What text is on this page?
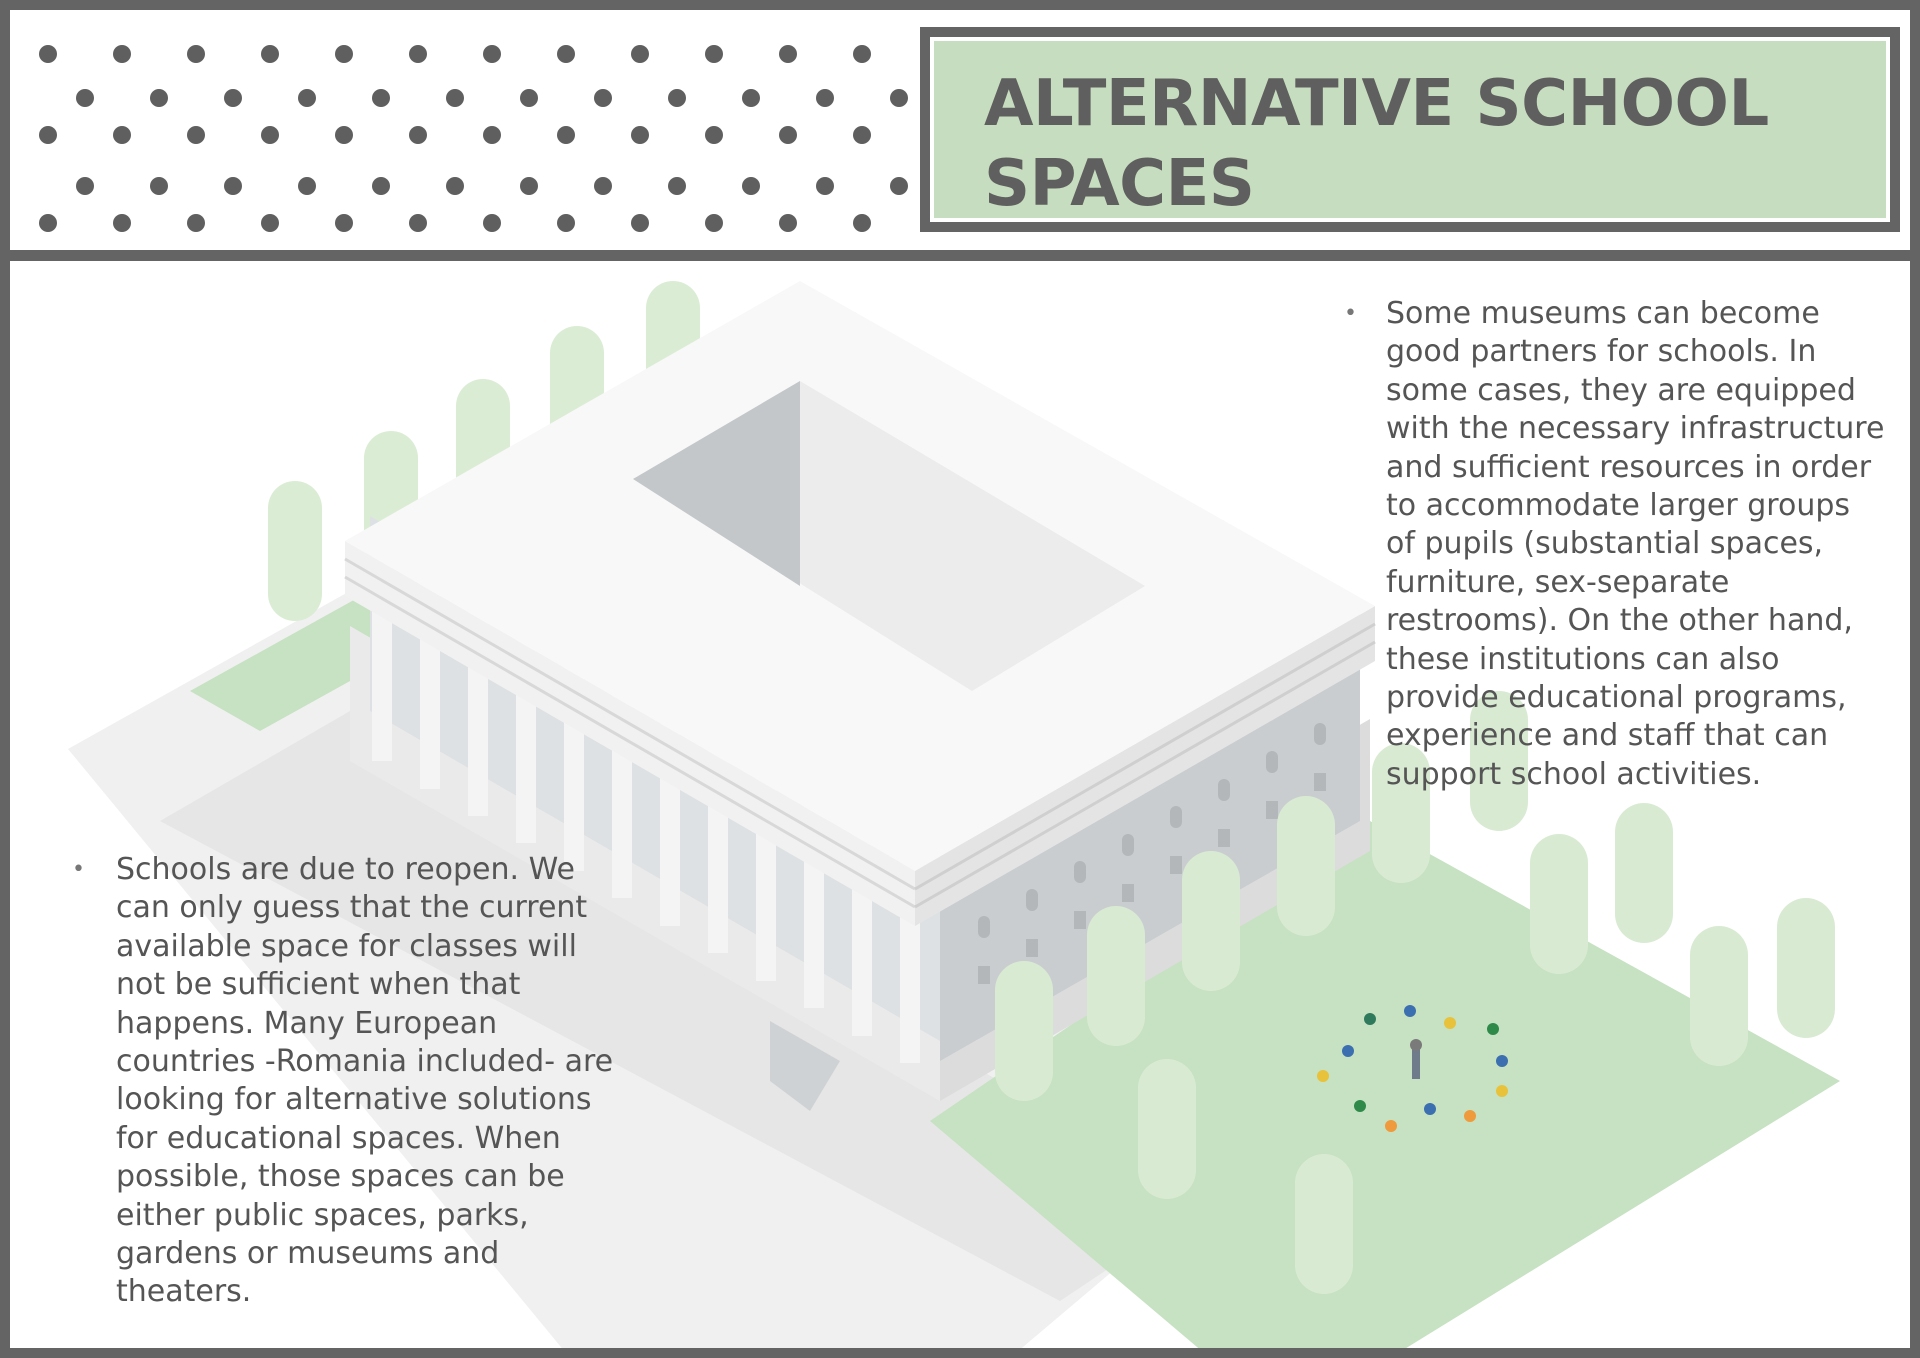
ALTERNATIVE SCHOOL
SPACES
• Some museums can become good partners for schools. In some cases, they are equipped with the necessary infrastructure and sufficient resources in order to accommodate larger groups of pupils (substantial spaces, furniture, sex-separate restrooms). On the other hand, these institutions can also provide educational programs, experience and staff that can support school activities.

•	Schools are due to reopen. We can only guess that the current available space for classes will not be sufficient when that happens. Many European countries -Romania included- are looking for alternative solutions for educational spaces. When possible, those spaces can be either public spaces, parks, gardens or museums and theaters.
